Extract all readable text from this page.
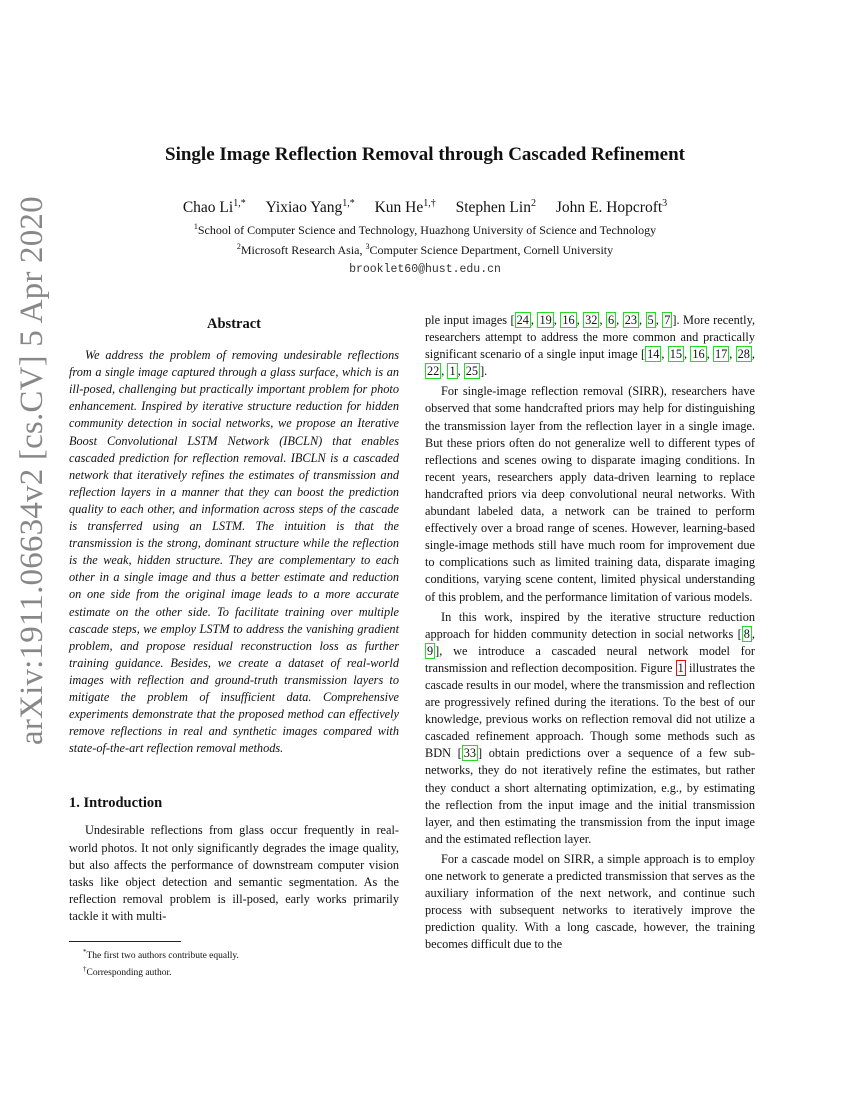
arXiv:1911.06634v2 [cs.CV] 5 Apr 2020
Single Image Reflection Removal through Cascaded Refinement
Chao $Li^{1,*}$ Yixiao Yang$^{1,*}$ Kun $He^{1,\dagger}$ Stephen Lin$^2$ John E. Hopcroft$^3$
$^1$School of Computer Science and Technology, Huazhong University of Science and Technology
$^2$Microsoft Research Asia, $^3$Computer Science Department, Cornell University
brooklet60@hust.edu.cn
Abstract

We address the problem of removing undesirable reflections from a single image captured through a glass surface, which is an ill-posed, challenging but practically important problem for photo enhancement. Inspired by iterative structure reduction for hidden community detection in social networks, we propose an Iterative Boost Convolutional LSTM Network (IBCLN) that enables cascaded prediction for reflection removal. IBCLN is a cascaded network that iteratively refines the estimates of transmission and reflection layers in a manner that they can boost the prediction quality to each other, and information across steps of the cascade is transferred using an LSTM. The intuition is that the transmission is the strong, dominant structure while the reflection is the weak, hidden structure. They are complementary to each other in a single image and thus a better estimate and reduction on one side from the original image leads to a more accurate estimate on the other side. To facilitate training over multiple cascade steps, we employ LSTM to address the vanishing gradient problem, and propose residual reconstruction loss as further training guidance. Besides, we create a dataset of real-world images with reflection and ground-truth transmission layers to mitigate the problem of insufficient data. Comprehensive experiments demonstrate that the proposed method can effectively remove reflections in real and synthetic images compared with state-of-the-art reflection removal methods.

1. Introduction

Undesirable reflections from glass occur frequently in real-world photos. It not only significantly degrades the image quality, but also affects the performance of downstream computer vision tasks like object detection and semantic segmentation. As the reflection removal problem is ill-posed, early works primarily tackle it with multi-

*The first two authors contribute equally.
†Corresponding author.

ple input images [ 24 , 19 , 16 , 32 , 6 , 23 , 5 , 7 ]. More recently, researchers attempt to address the more common and practically significant scenario of a single input image [ 14 , 15 , 16 , 17 , 28 , 22 , 1 , 25 ].

For single-image reflection removal (SIRR), researchers have observed that some handcrafted priors may help for distinguishing the transmission layer from the reflection layer in a single image. But these priors often do not generalize well to different types of reflections and scenes owing to disparate imaging conditions. In recent years, researchers apply data-driven learning to replace handcrafted priors via deep convolutional neural networks. With abundant labeled data, a network can be trained to perform effectively over a broad range of scenes. However, learning-based single-image methods still have much room for improvement due to complications such as limited training data, disparate imaging conditions, varying scene content, limited physical understanding of this problem, and the performance limitation of various models.

In this work, inspired by the iterative structure reduction approach for hidden community detection in social networks [ 8 , 9 ], we introduce a cascaded neural network model for transmission and reflection decomposition. Figure 1 illustrates the cascade results in our model, where the transmission and reflection are progressively refined during the iterations. To the best of our knowledge, previous works on reflection removal did not utilize a cascaded refinement approach. Though some methods such as BDN [ 33 ] obtain predictions over a sequence of a few sub-networks, they do not iteratively refine the estimates, but rather they conduct a short alternating optimization, e.g., by estimating the reflection from the input image and the initial transmission layer, and then estimating the transmission from the input image and the estimated reflection layer.

For a cascade model on SIRR, a simple approach is to employ one network to generate a predicted transmission that serves as the auxiliary information of the next network, and continue such process with subsequent networks to iteratively improve the prediction quality. With a long cascade, however, the training becomes difficult due to the
